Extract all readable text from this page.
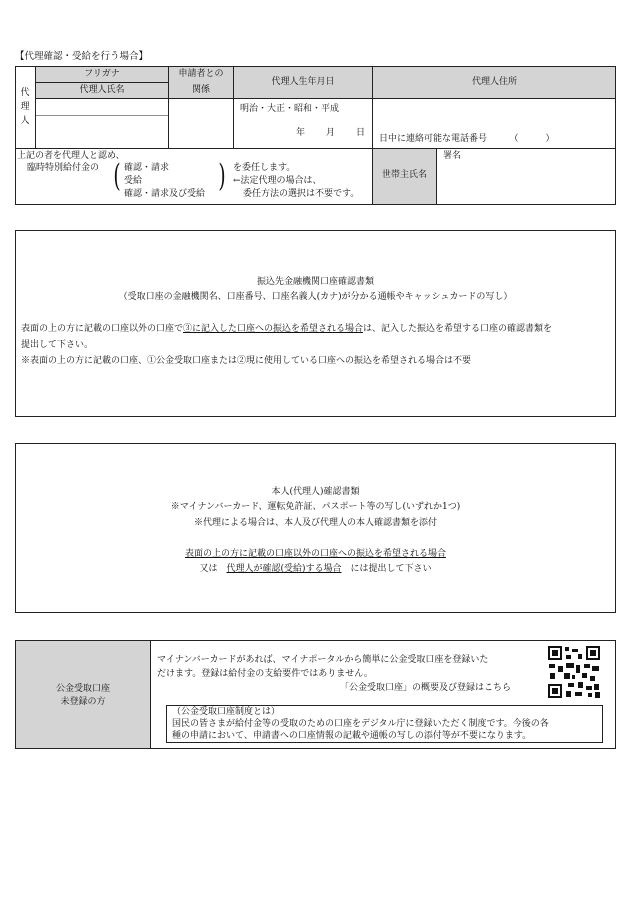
【代理確認・受給を行う場合】
代
理
人
フリガナ
代理人氏名
申請者との
関係
代理人生年月日	代理人住所
明治・大正・昭和・平成
年　　月　　日
日中に連絡可能な電話番号　　　（　　　）
上記の者を代理人と認め、
臨時特別給付金の (	)
確認・請求
受給
確認・請求及び受給
を委任します。
←法定代理の場合は、
委任方法の選択は不要です。
世帯主氏名
署名
振込先金融機関口座確認書類
（受取口座の金融機関名、口座番号、口座名義人(カナ)が分かる通帳やキャッシュカードの写し）
表面の上の方に記載の口座以外の口座で③に記入した口座への振込を希望される場合は、記入した振込を希望する口座の確認書類を
提出して下さい。
※表面の上の方に記載の口座、①公金受取口座または②現に使用している口座への振込を希望される場合は不要
本人(代理人)確認書類
※マイナンバーカード、運転免許証、パスポート等の写し(いずれか1つ)
※代理による場合は、本人及び代理人の本人確認書類を添付
表面の上の方に記載の口座以外の口座への振込を希望される場合
又は　 代理人が確認(受給)する場合　 には提出して下さい
公金受取口座
未登録の方
マイナンバーカードがあれば、マイナポータルから簡単に公金受取口座を登録いた
だけます。登録は給付金の支給要件ではありません。
「公金受取口座」の概要及び登録はこちら
（公金受取口座制度とは）
国民の皆さまが給付金等の受取のための口座をデジタル庁に登録いただく制度です。今後の各
種の申請において、申請書への口座情報の記載や通帳の写しの添付等が不要になります。
